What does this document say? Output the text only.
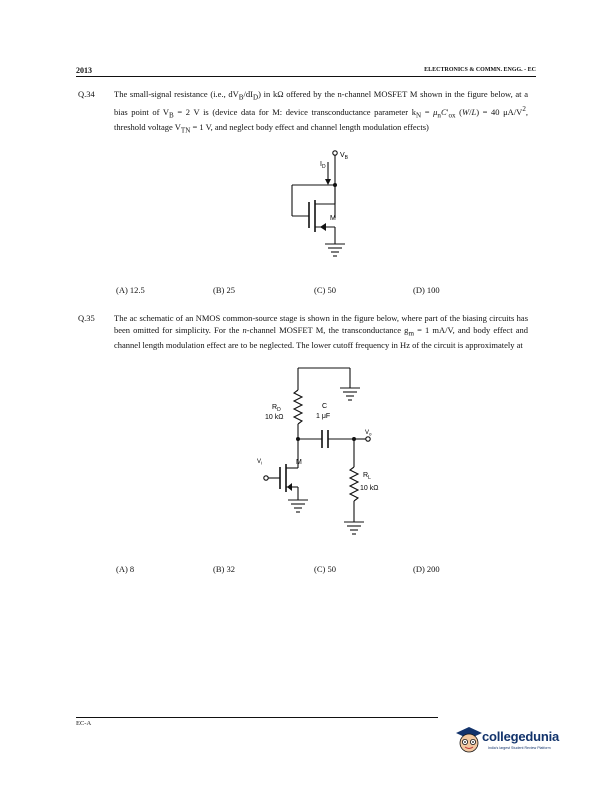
2013	ELECTRONICS & COMMN. ENGG. - EC
Q.34 The small-signal resistance (i.e., $dV_B/dI_D$) in kΩ offered by the n-channel MOSFET M shown in the figure below, at a bias point of $V_B = 2$ V is (device data for M: device transconductance parameter $k_N = \mu_nC'_{ox}$ (W/L) = 40 $\mu A/V^2$, threshold voltage $V_{TN} = 1$ V, and neglect body effect and channel length modulation effects)
$V_B$
$I_D$
M
(A) 12.5	(B) 25	(C) 50	(D) 100
Q.35 The ac schematic of an NMOS common-source stage is shown in the figure below, where part of the biasing circuits has been omitted for simplicity. For the n-channel MOSFET M, the transconductance $g_m = 1$ mA/V, and body effect and channel length modulation effect are to be neglected. The lower cutoff frequency in Hz of the circuit is approximately at
$R_D$
10 kΩ
C
1 μF
$V_o$
$V_i$	M
$R_L$
10 kΩ
(A) 8	(B) 32	(C) 50	(D) 200
EC-A
collegedunia
India's largest Student Review Platform
